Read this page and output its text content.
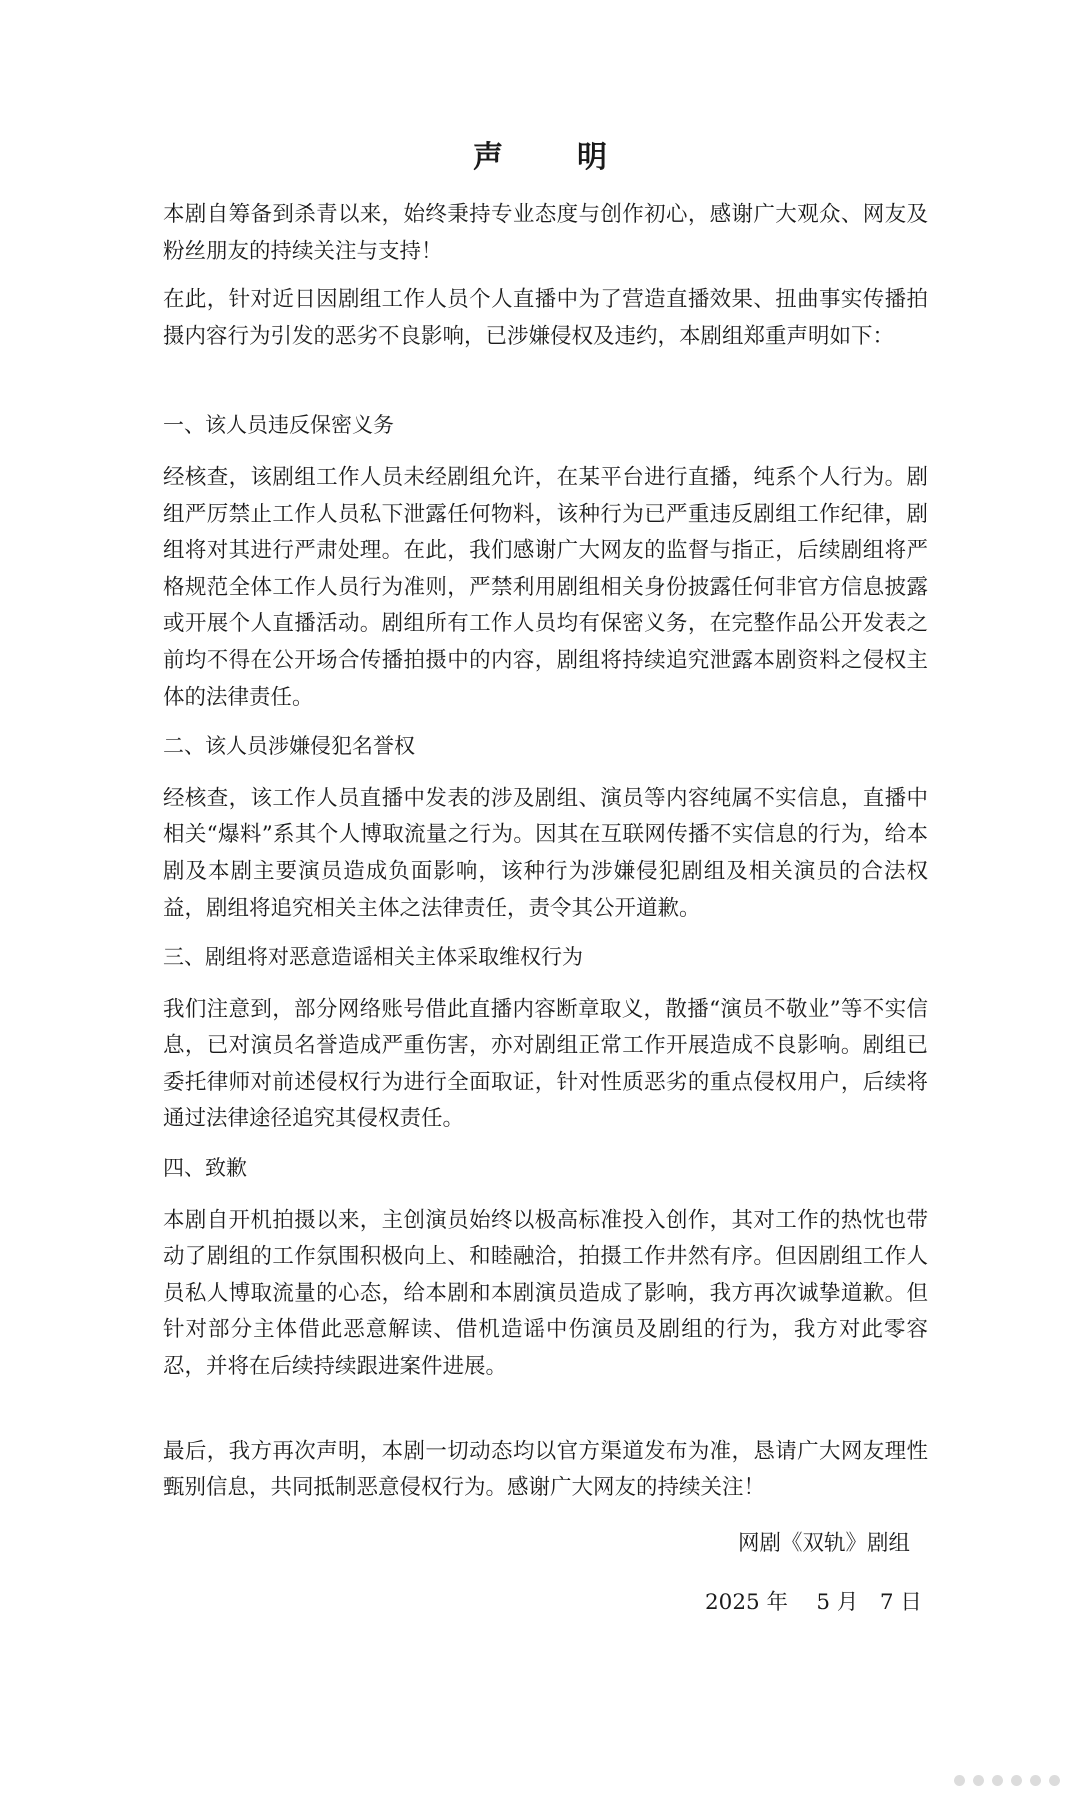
声　明

本剧自筹备到杀青以来，始终秉持专业态度与创作初心，感谢广大观众、网友及粉丝朋友的持续关注与支持！

在此，针对近日因剧组工作人员个人直播中为了营造直播效果、扭曲事实传播拍摄内容行为引发的恶劣不良影响，已涉嫌侵权及违约，本剧组郑重声明如下：

一、该人员违反保密义务

经核查，该剧组工作人员未经剧组允许，在某平台进行直播，纯系个人行为。剧组严厉禁止工作人员私下泄露任何物料，该种行为已严重违反剧组工作纪律，剧组将对其进行严肃处理。在此，我们感谢广大网友的监督与指正，后续剧组将严格规范全体工作人员行为准则，严禁利用剧组相关身份披露任何非官方信息披露或开展个人直播活动。剧组所有工作人员均有保密义务，在完整作品公开发表之前均不得在公开场合传播拍摄中的内容，剧组将持续追究泄露本剧资料之侵权主体的法律责任。

二、该人员涉嫌侵犯名誉权

经核查，该工作人员直播中发表的涉及剧组、演员等内容纯属不实信息，直播中相关“爆料”系其个人博取流量之行为。因其在互联网传播不实信息的行为，给本剧及本剧主要演员造成负面影响，该种行为涉嫌侵犯剧组及相关演员的合法权益，剧组将追究相关主体之法律责任，责令其公开道歉。

三、剧组将对恶意造谣相关主体采取维权行为

我们注意到，部分网络账号借此直播内容断章取义，散播“演员不敬业”等不实信息，已对演员名誉造成严重伤害，亦对剧组正常工作开展造成不良影响。剧组已委托律师对前述侵权行为进行全面取证，针对性质恶劣的重点侵权用户，后续将通过法律途径追究其侵权责任。

四、致歉

本剧自开机拍摄以来，主创演员始终以极高标准投入创作，其对工作的热忱也带动了剧组的工作氛围积极向上、和睦融洽，拍摄工作井然有序。但因剧组工作人员私人博取流量的心态，给本剧和本剧演员造成了影响，我方再次诚挚道歉。但针对部分主体借此恶意解读、借机造谣中伤演员及剧组的行为，我方对此零容忍，并将在后续持续跟进案件进展。

最后，我方再次声明，本剧一切动态均以官方渠道发布为准，恳请广大网友理性甄别信息，共同抵制恶意侵权行为。感谢广大网友的持续关注！

网剧《双轨》剧组
2025 年　 5 月　7 日
